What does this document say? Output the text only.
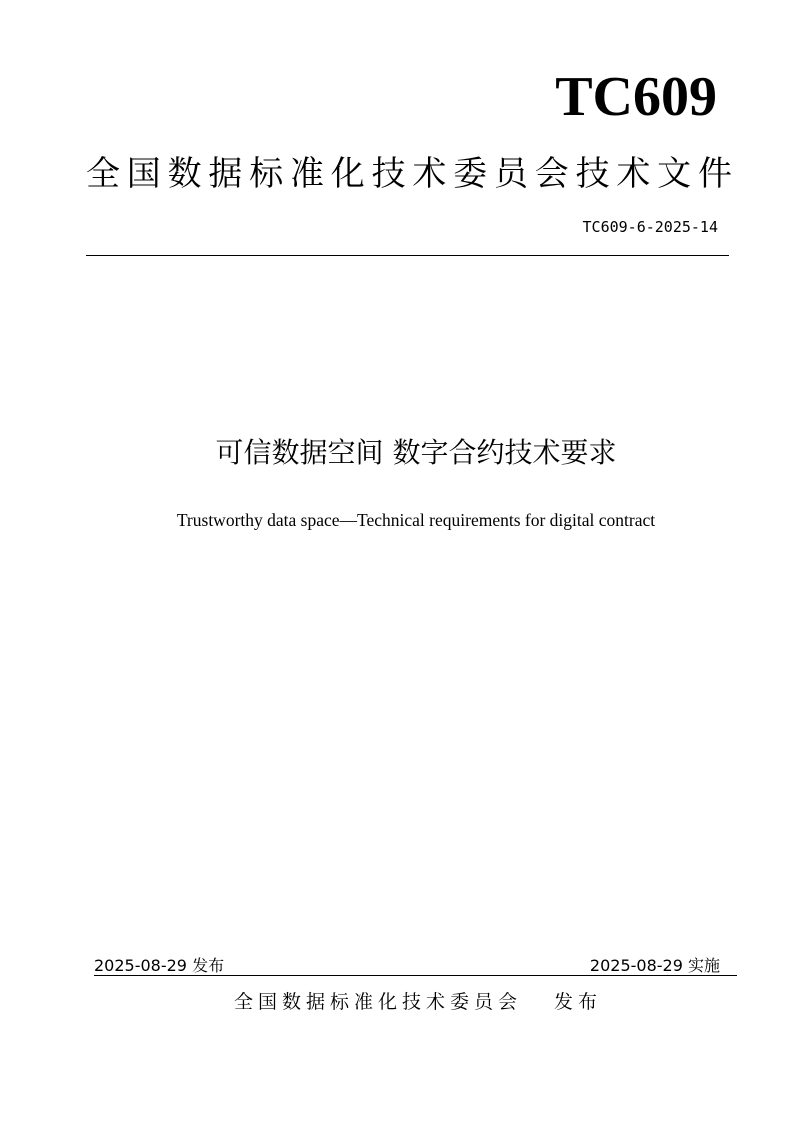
TC609
全 国 数 据 标 准 化 技 术 委 员 会 技 术 文 件
TC609-6-2025-14
可信数据空间 数字合约技术要求
Trustworthy data space—Technical requirements for digital contract
2025-08-29 发布	2025-08-29 实施
全国数据标准化技术委员会 发布
